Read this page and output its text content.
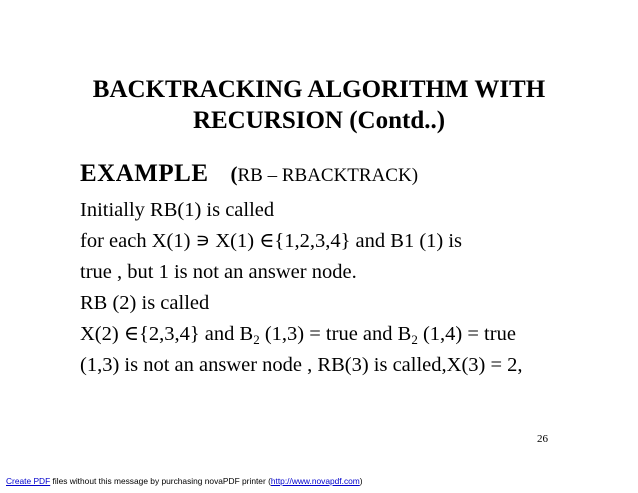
BACKTRACKING ALGORITHM WITH
RECURSION (Contd..)
EXAMPLE (RB – RBACKTRACK)
Initially RB(1) is called
for each X(1) ∍ X(1) ∈{1,2,3,4} and B1 (1) is
true , but 1 is not an answer node.
RB (2) is called
X(2) ∈{2,3,4} and $B_2$ (1,3) = true and $B_2$ (1,4) = true
(1,3) is not an answer node , RB(3) is called,X(3) = 2,
26
Create PDF files without this message by purchasing novaPDF printer (http://www.novapdf.com)
